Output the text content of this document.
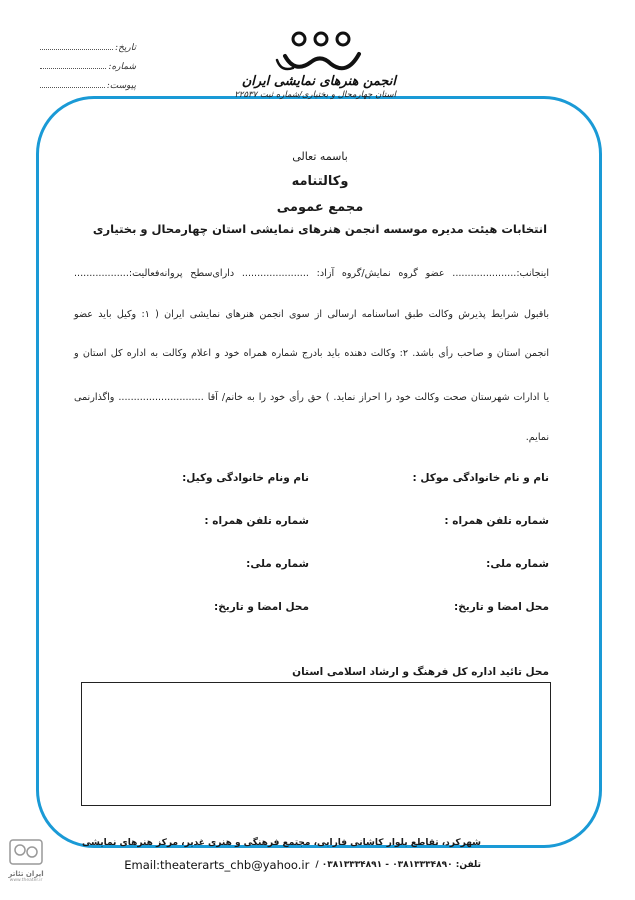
تاریخ:
شماره:
پیوست:	انجمن هنرهای نمایشی ایران
استان چهارمحال و بختیاری/شماره ثبت ۲۲۵۳۷
باسمه تعالی
وکالتنامه
مجمع عمومی
انتخابات هیئت مدیره موسسه انجمن هنرهای نمایشی استان چهارمحال و بختیاری
اینجانب:..................... عضو گروه نمایش/گروه آزاد: ...................... دارای‌سطح پروانه‌فعالیت:..................
باقبول شرایط پذیرش وکالت طبق اساسنامه ارسالی از سوی انجمن هنرهای نمایشی ایران ( ۱: وکیل باید عضو
انجمن استان و صاحب رأی باشد. ۲: وکالت دهنده باید بادرج شماره همراه خود و اعلام وکالت به اداره کل استان و
یا ادارات شهرستان صحت وکالت خود را احراز نماید. ) حق رأی خود را به خانم/ آقا ............................ واگذارنمی
نمایم.
نام و نام خانوادگی موکل :
نام ونام خانوادگی وکیل:
شماره تلفن همراه :
شماره تلفن همراه :
شماره ملی:
شماره ملی:
محل امضا و تاریخ:
محل امضا و تاریخ:
محل تائید اداره کل فرهنگ و ارشاد اسلامی استان
شهرکرد، تقاطع بلوار کاشانی فارابی، مجتمع فرهنگی و هنری غدیر، مرکز هنرهای نمایشی
تلفن: ۰۳۸۱۳۳۳۴۸۹۰ - ۰۳۸۱۳۳۳۴۸۹۱ /
Email:theaterarts_chb@yahoo.ir
ایران تئاتر
www.theater.ir
